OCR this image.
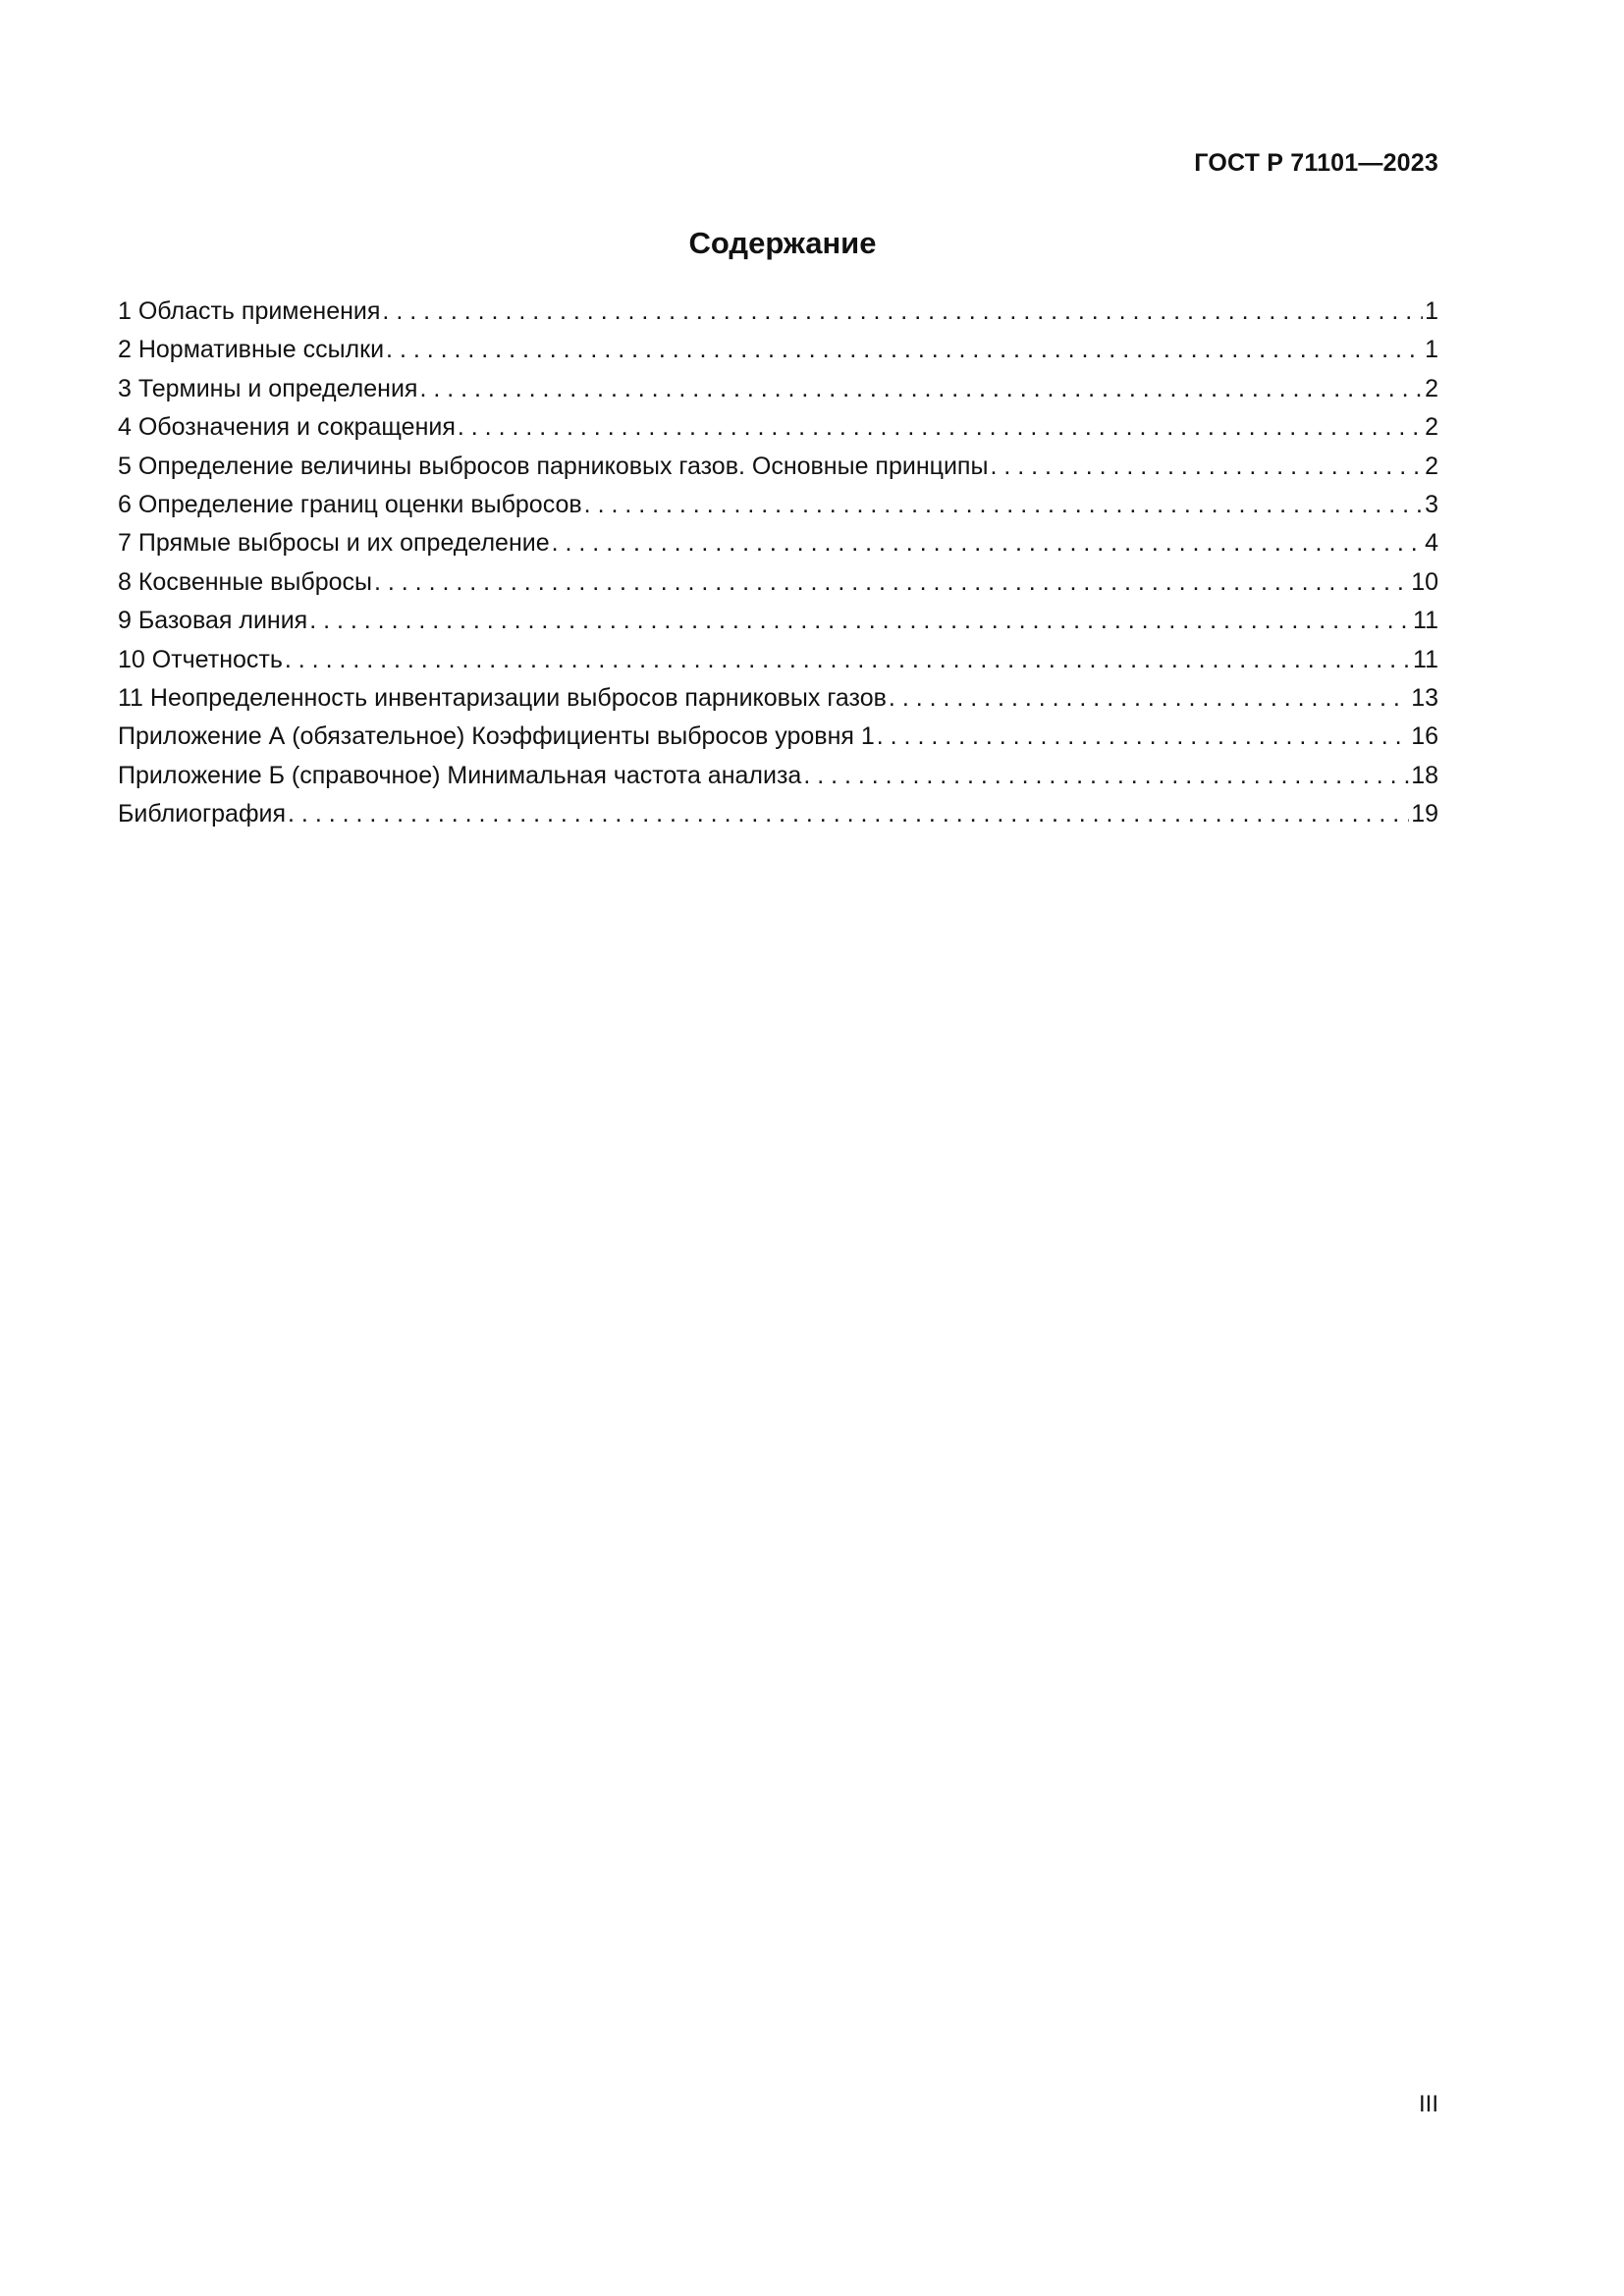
ГОСТ Р 71101—2023
Содержание
1 Область применения . . .	1
2 Нормативные ссылки . . .	1
3 Термины и определения . . .	2
4 Обозначения и сокращения . . .	2
5 Определение величины выбросов парниковых газов. Основные принципы . . .	2
6 Определение границ оценки выбросов . . .	3
7 Прямые выбросы и их определение . . .	4
8 Косвенные выбросы . . .	10
9 Базовая линия . . .	11
10 Отчетность . . .	11
11 Неопределенность инвентаризации выбросов парниковых газов . . .	13
Приложение А (обязательное) Коэффициенты выбросов уровня 1 . . .	16
Приложение Б (справочное) Минимальная частота анализа . . .	18
Библиография . . .	19
III
